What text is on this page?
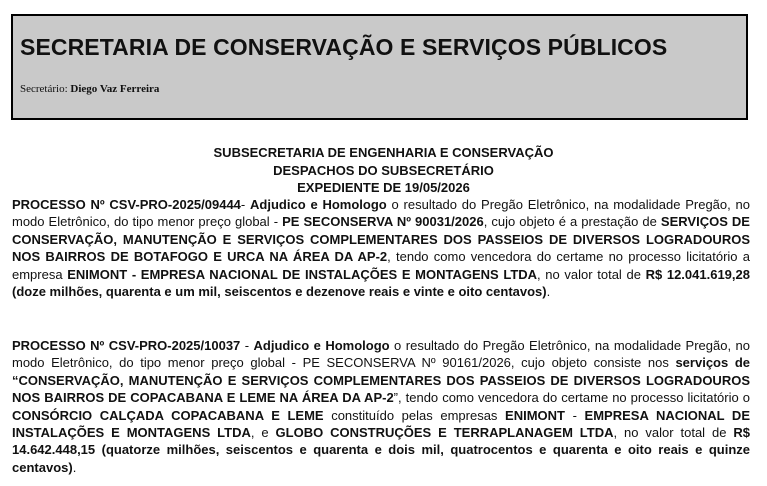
SECRETARIA DE CONSERVAÇÃO E SERVIÇOS PÚBLICOS
Secretário: Diego Vaz Ferreira
SUBSECRETARIA DE ENGENHARIA E CONSERVAÇÃO
DESPACHOS DO SUBSECRETÁRIO
EXPEDIENTE DE 19/05/2026
PROCESSO Nº CSV-PRO-2025/09444- Adjudico e Homologo o resultado do Pregão Eletrônico, na modalidade Pregão, no modo Eletrônico, do tipo menor preço global - PE SECONSERVA Nº 90031/2026, cujo objeto é a prestação de SERVIÇOS DE CONSERVAÇÃO, MANUTENÇÃO E SERVIÇOS COMPLEMENTARES DOS PASSEIOS DE DIVERSOS LOGRADOUROS NOS BAIRROS DE BOTAFOGO E URCA NA ÁREA DA AP-2, tendo como vencedora do certame no processo licitatório a empresa ENIMONT - EMPRESA NACIONAL DE INSTALAÇÕES E MONTAGENS LTDA, no valor total de R$ 12.041.619,28 (doze milhões, quarenta e um mil, seiscentos e dezenove reais e vinte e oito centavos).
PROCESSO Nº CSV-PRO-2025/10037 - Adjudico e Homologo o resultado do Pregão Eletrônico, na modalidade Pregão, no modo Eletrônico, do tipo menor preço global - PE SECONSERVA Nº 90161/2026, cujo objeto consiste nos serviços de “CONSERVAÇÃO, MANUTENÇÃO E SERVIÇOS COMPLEMENTARES DOS PASSEIOS DE DIVERSOS LOGRADOUROS NOS BAIRROS DE COPACABANA E LEME NA ÁREA DA AP-2”, tendo como vencedora do certame no processo licitatório o CONSÓRCIO CALÇADA COPACABANA E LEME constituído pelas empresas ENIMONT - EMPRESA NACIONAL DE INSTALAÇÕES E MONTAGENS LTDA, e GLOBO CONSTRUÇÕES E TERRAPLANAGEM LTDA, no valor total de R$ 14.642.448,15 (quatorze milhões, seiscentos e quarenta e dois mil, quatrocentos e quarenta e oito reais e quinze centavos).
